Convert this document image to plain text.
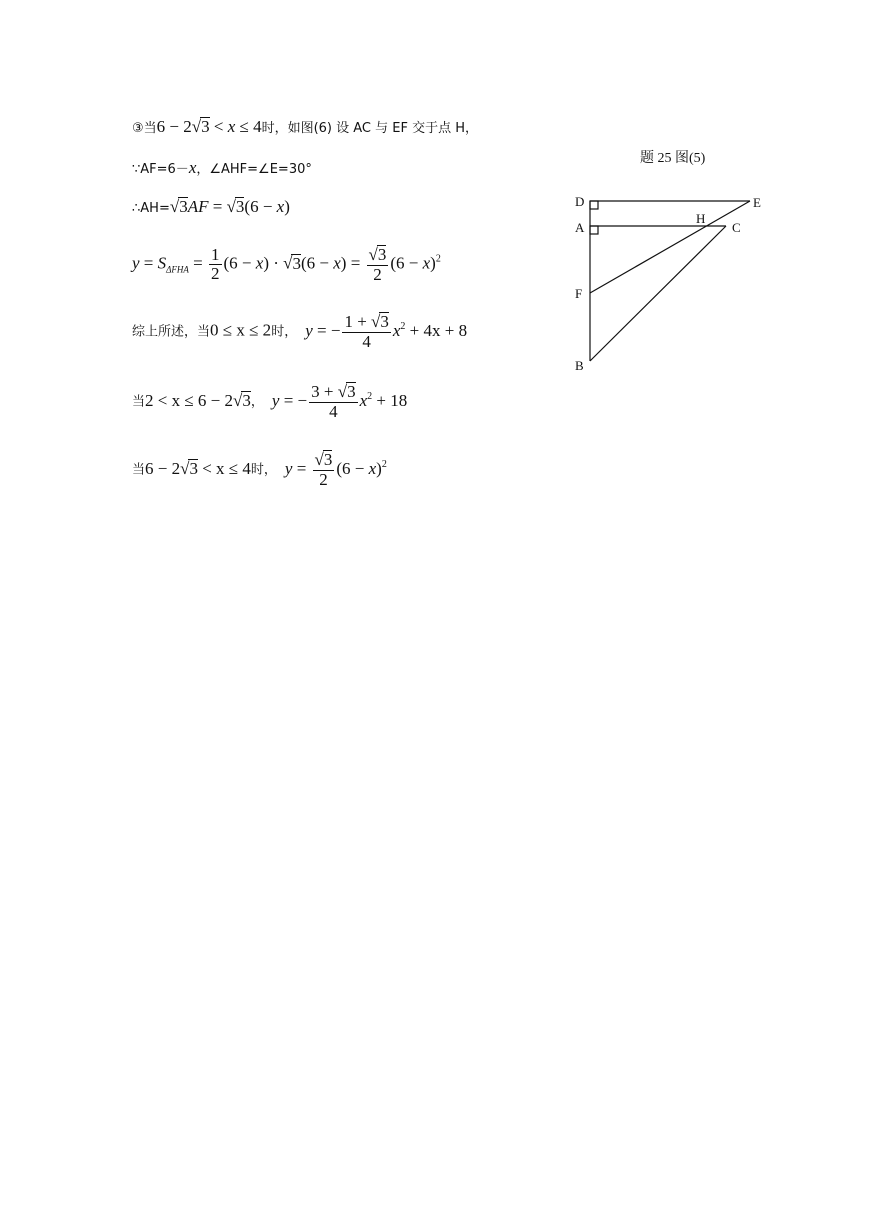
③当6 − 2√3 < x ≤ 4时，如图(6) 设 AC 与 EF 交于点 H，
∵AF=6－x，∠AHF=∠E=30°
∴AH=√3AF = √3(6 − x)
$y = S_{\Delta FHA} = \frac{1}{2} (6 - x) \cdot √3(6 - x) = \frac{√3}{2} (6 - x)^2$
综上所述，当0 ≤ x ≤ 2时， y = − $\frac{1 + √3}{4} x^2 + 4x + 8$
当2 < x ≤ 6 − 2√3， y = − $\frac{3 + √3}{4} x^2 + 18$
当6 − 2√3 < x ≤ 4时， $y = \frac{√3}{2} (6 - x)^2$
题 25 图(5)
D	E
A
H
C
F
B
